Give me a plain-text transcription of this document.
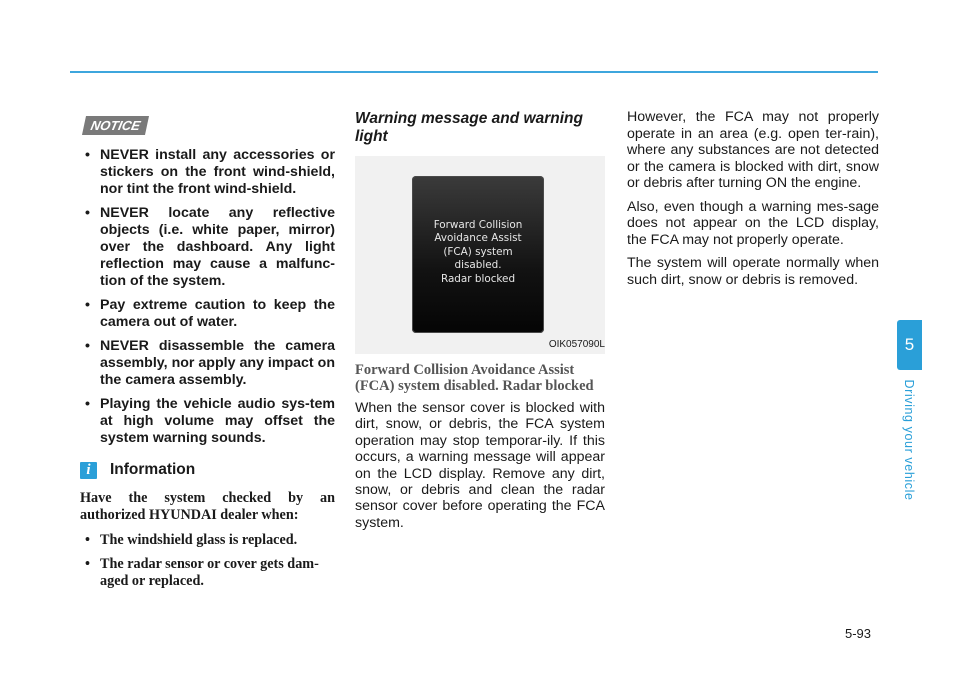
NOTICE
• NEVER install any accessories or stickers on the front wind-shield, nor tint the front wind-shield.
• NEVER locate any reflective objects (i.e. white paper, mirror) over the dashboard. Any light reflection may cause a malfunc-tion of the system.
• Pay extreme caution to keep the camera out of water.
• NEVER disassemble the camera assembly, nor apply any impact on the camera assembly.
• Playing the vehicle audio sys-tem at high volume may offset the system warning sounds.
i	Information

Have the system checked by an authorized HYUNDAI dealer when:

• The windshield glass is replaced.
• The radar sensor or cover gets dam-aged or replaced.
Warning message and warning light
Forward Collision
Avoidance Assist
(FCA) system
disabled.
Radar blocked
OIK057090L
Forward Collision Avoidance Assist (FCA) system disabled. Radar blocked
When the sensor cover is blocked with dirt, snow, or debris, the FCA system operation may stop temporar-ily. If this occurs, a warning message will appear on the LCD display. Remove any dirt, snow, or debris and clean the radar sensor cover before operating the FCA system.

However, the FCA may not properly operate in an area (e.g. open ter-rain), where any substances are not detected or the camera is blocked with dirt, snow or debris after turning ON the engine.

Also, even though a warning mes-sage does not appear on the LCD display, the FCA may not properly operate.

The system will operate normally when such dirt, snow or debris is removed.

5
Driving your vehicle
5-93
